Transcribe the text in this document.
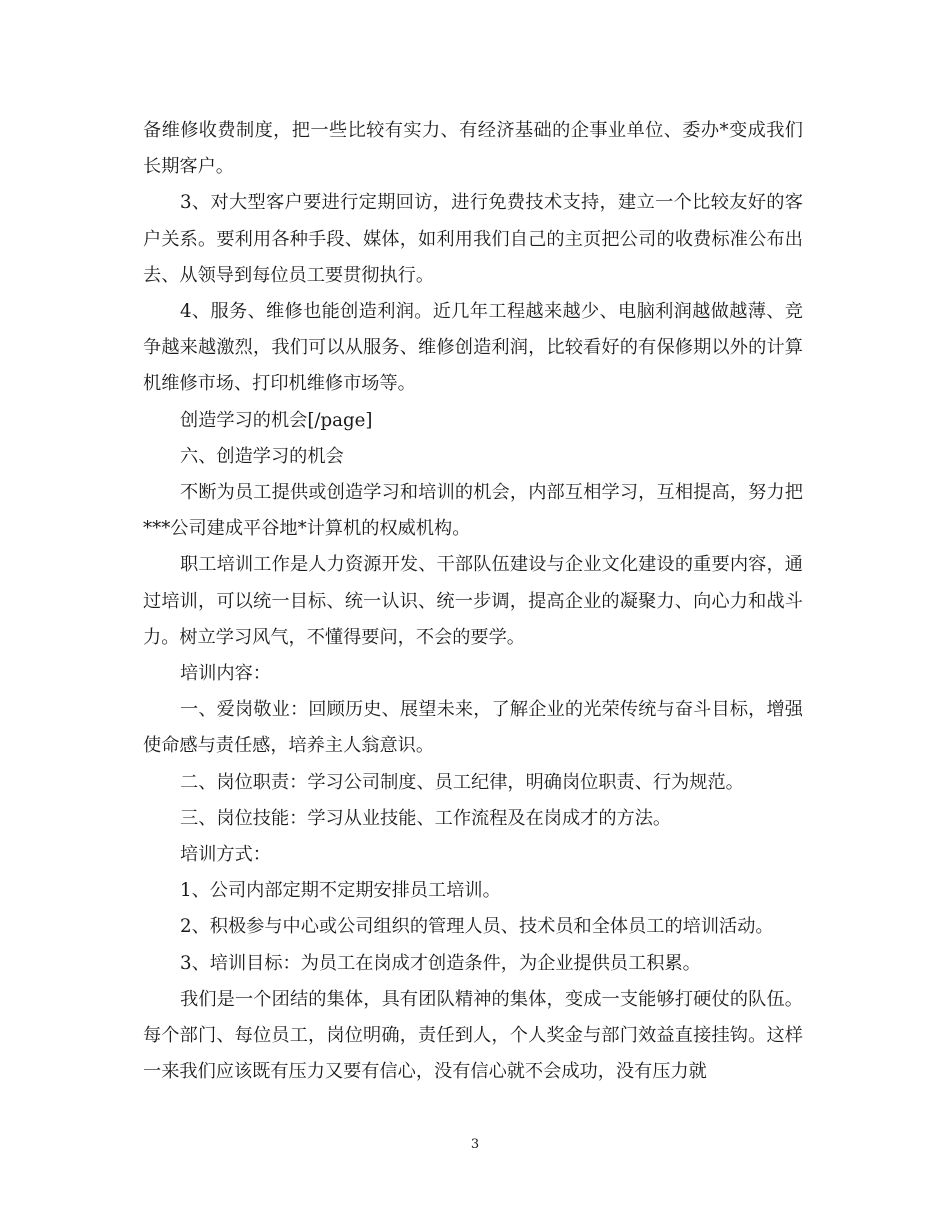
备维修收费制度，把一些比较有实力、有经济基础的企事业单位、委办*变成我们长期客户。

3、对大型客户要进行定期回访，进行免费技术支持，建立一个比较友好的客户关系。要利用各种手段、媒体，如利用我们自己的主页把公司的收费标准公布出去、从领导到每位员工要贯彻执行。

4、服务、维修也能创造利润。近几年工程越来越少、电脑利润越做越薄、竞争越来越激烈，我们可以从服务、维修创造利润，比较看好的有保修期以外的计算机维修市场、打印机维修市场等。

创造学习的机会[/page]

六、创造学习的机会

不断为员工提供或创造学习和培训的机会，内部互相学习，互相提高，努力把***公司建成平谷地*计算机的权威机构。

职工培训工作是人力资源开发、干部队伍建设与企业文化建设的重要内容，通过培训，可以统一目标、统一认识、统一步调，提高企业的凝聚力、向心力和战斗力。树立学习风气，不懂得要问，不会的要学。

培训内容：

一、爱岗敬业：回顾历史、展望未来，了解企业的光荣传统与奋斗目标，增强使命感与责任感，培养主人翁意识。

二、岗位职责：学习公司制度、员工纪律，明确岗位职责、行为规范。

三、岗位技能：学习从业技能、工作流程及在岗成才的方法。

培训方式：

1、公司内部定期不定期安排员工培训。

2、积极参与中心或公司组织的管理人员、技术员和全体员工的培训活动。

3、培训目标：为员工在岗成才创造条件，为企业提供员工积累。

我们是一个团结的集体，具有团队精神的集体，变成一支能够打硬仗的队伍。每个部门、每位员工，岗位明确，责任到人，个人奖金与部门效益直接挂钩。这样一来我们应该既有压力又要有信心，没有信心就不会成功，没有压力就

3
